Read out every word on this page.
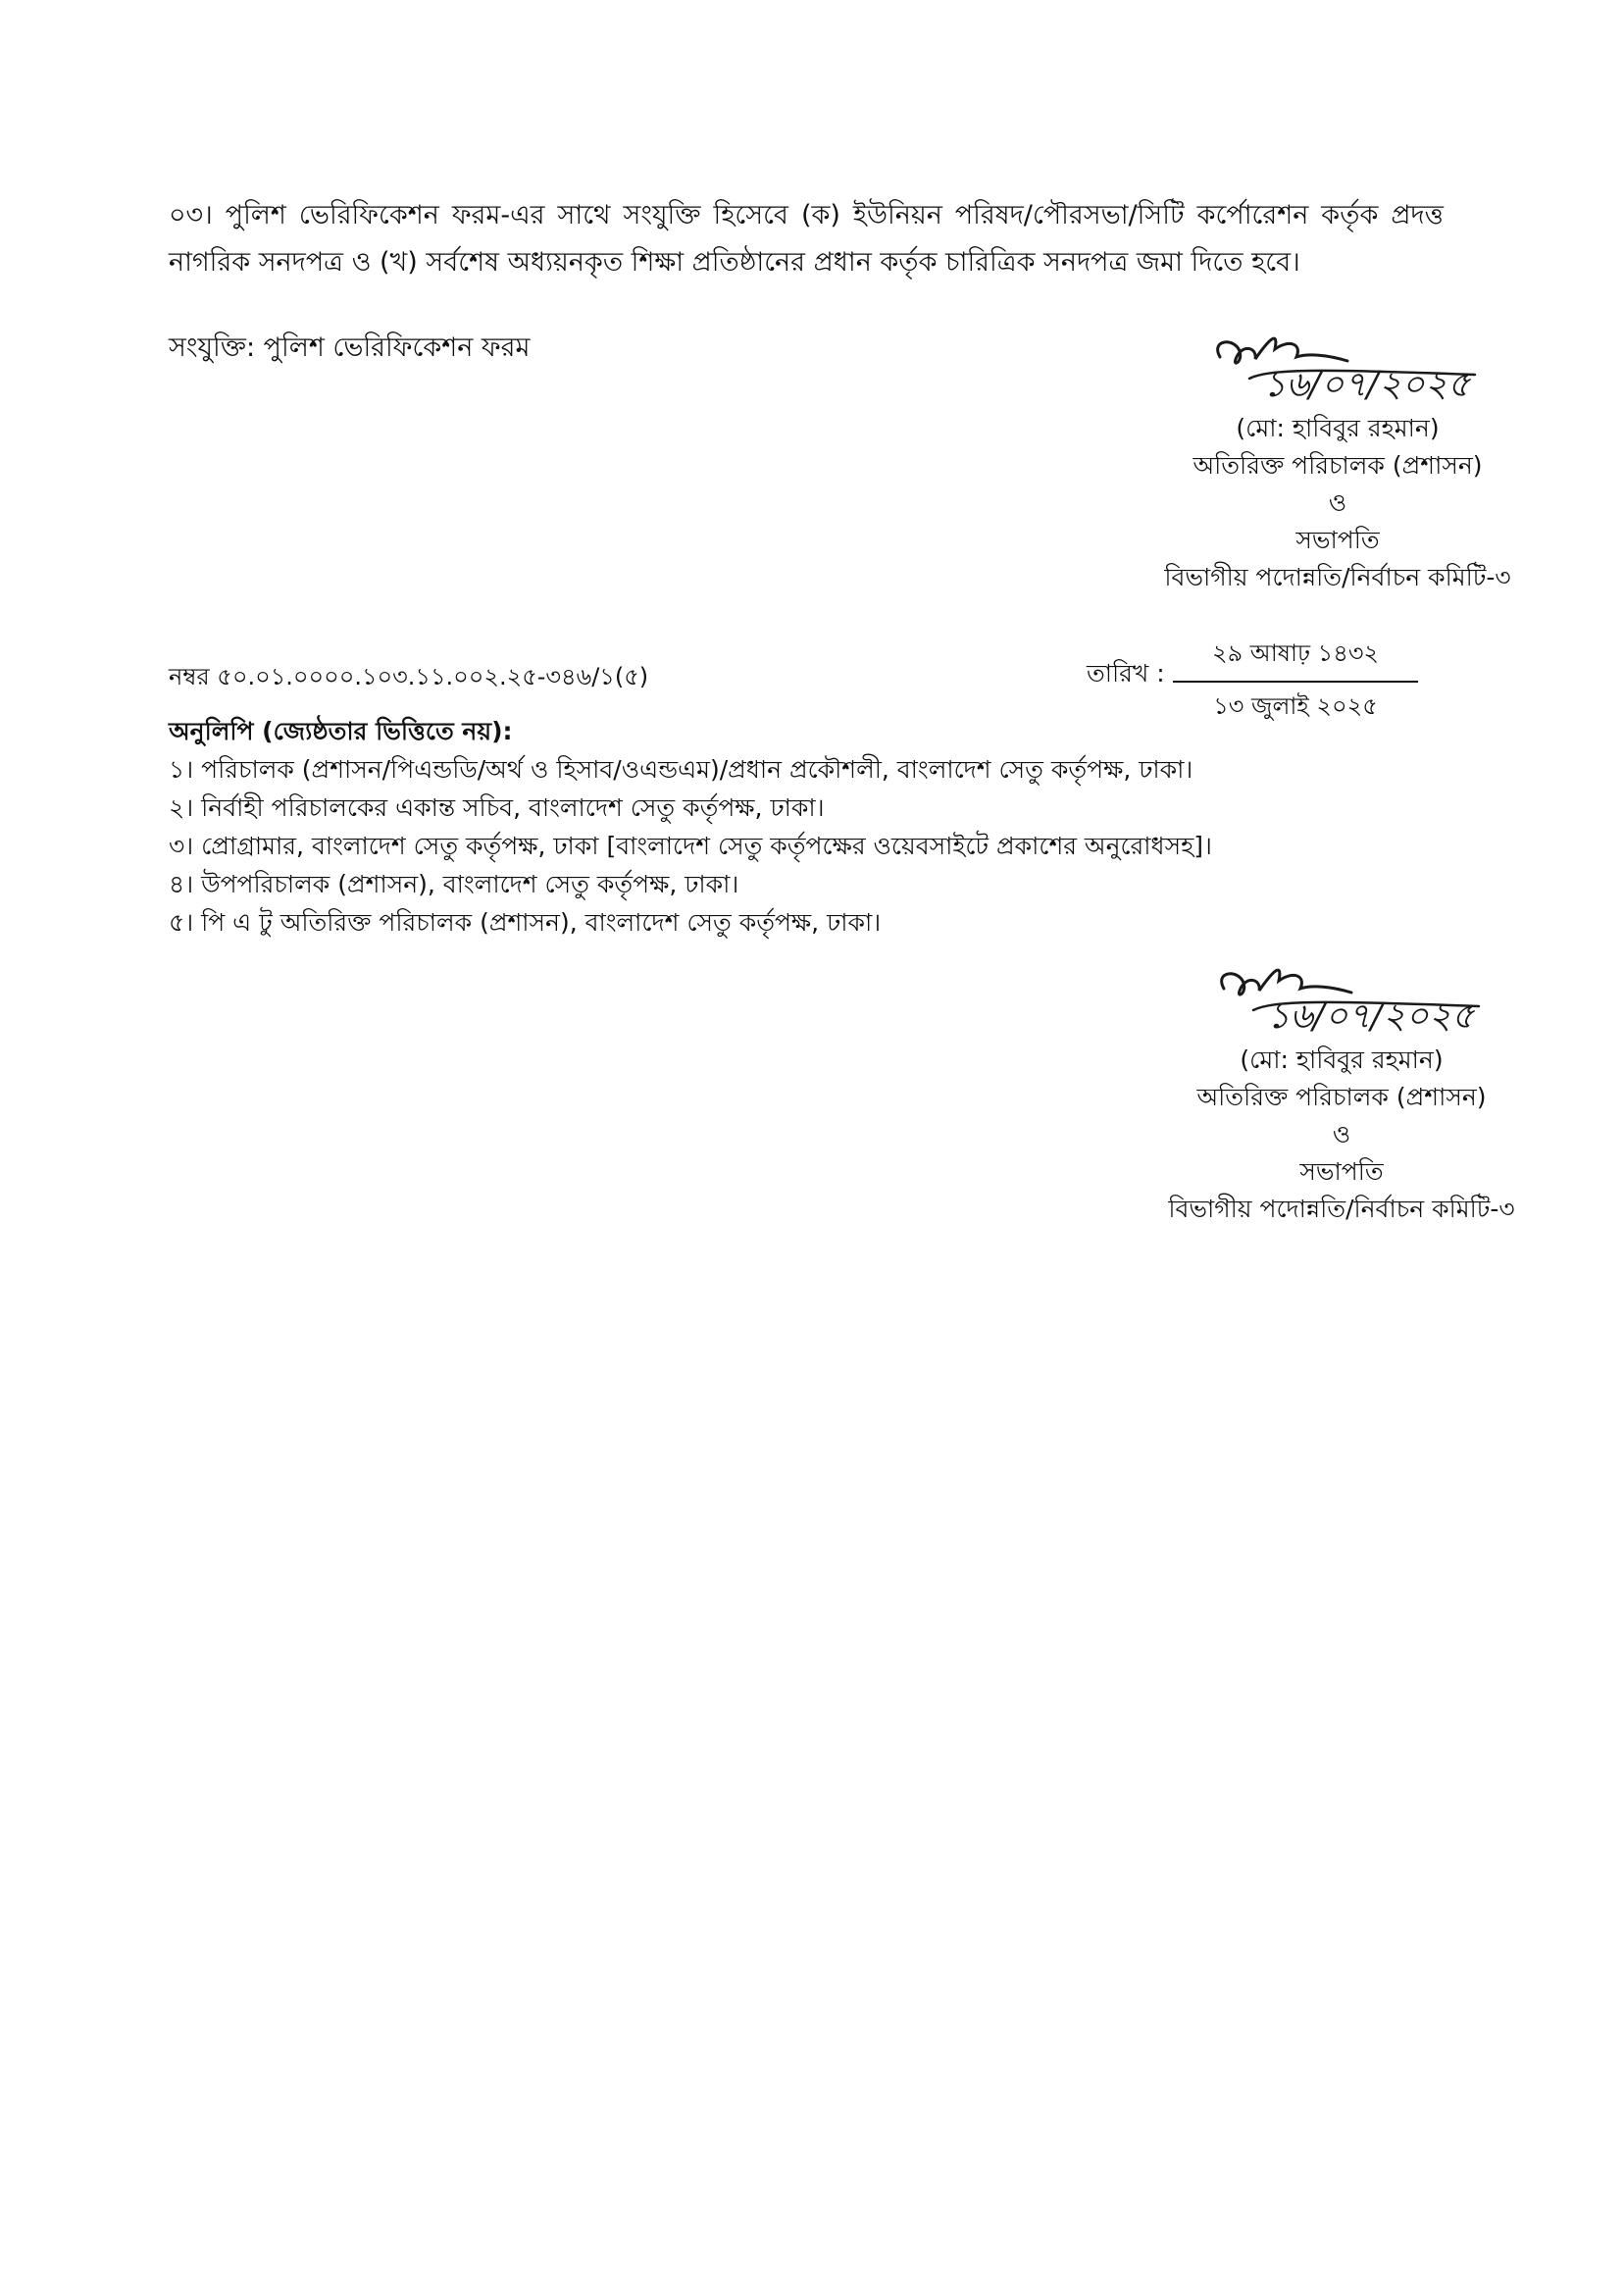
০৩। পুলিশ ভেরিফিকেশন ফরম-এর সাথে সংযুক্তি হিসেবে (ক) ইউনিয়ন পরিষদ/পৌরসভা/সিটি কর্পোরেশন কর্তৃক প্রদত্ত নাগরিক সনদপত্র ও (খ) সর্বশেষ অধ্যয়নকৃত শিক্ষা প্রতিষ্ঠানের প্রধান কর্তৃক চারিত্রিক সনদপত্র জমা দিতে হবে।
সংযুক্তি: পুলিশ ভেরিফিকেশন ফরম
১৬/০৭/২০২৫
(মো: হাবিবুর রহমান)
অতিরিক্ত পরিচালক (প্রশাসন)
ও
সভাপতি
বিভাগীয় পদোন্নতি/নির্বাচন কমিটি-৩
নম্বর ৫০.০১.০০০০.১০৩.১১.০০২.২৫-৩৪৬/১(৫)	তারিখ :
২৯ আষাঢ় ১৪৩২
১৩ জুলাই ২০২৫
অনুলিপি (জ্যেষ্ঠতার ভিত্তিতে নয়):
১। পরিচালক (প্রশাসন/পিএন্ডডি/অর্থ ও হিসাব/ওএন্ডএম)/প্রধান প্রকৌশলী, বাংলাদেশ সেতু কর্তৃপক্ষ, ঢাকা।
২। নির্বাহী পরিচালকের একান্ত সচিব, বাংলাদেশ সেতু কর্তৃপক্ষ, ঢাকা।
৩। প্রোগ্রামার, বাংলাদেশ সেতু কর্তৃপক্ষ, ঢাকা [বাংলাদেশ সেতু কর্তৃপক্ষের ওয়েবসাইটে প্রকাশের অনুরোধসহ]।
৪। উপপরিচালক (প্রশাসন), বাংলাদেশ সেতু কর্তৃপক্ষ, ঢাকা।
৫। পি এ টু অতিরিক্ত পরিচালক (প্রশাসন), বাংলাদেশ সেতু কর্তৃপক্ষ, ঢাকা।
১৬/০৭/২০২৫
(মো: হাবিবুর রহমান)
অতিরিক্ত পরিচালক (প্রশাসন)
ও
সভাপতি
বিভাগীয় পদোন্নতি/নির্বাচন কমিটি-৩
